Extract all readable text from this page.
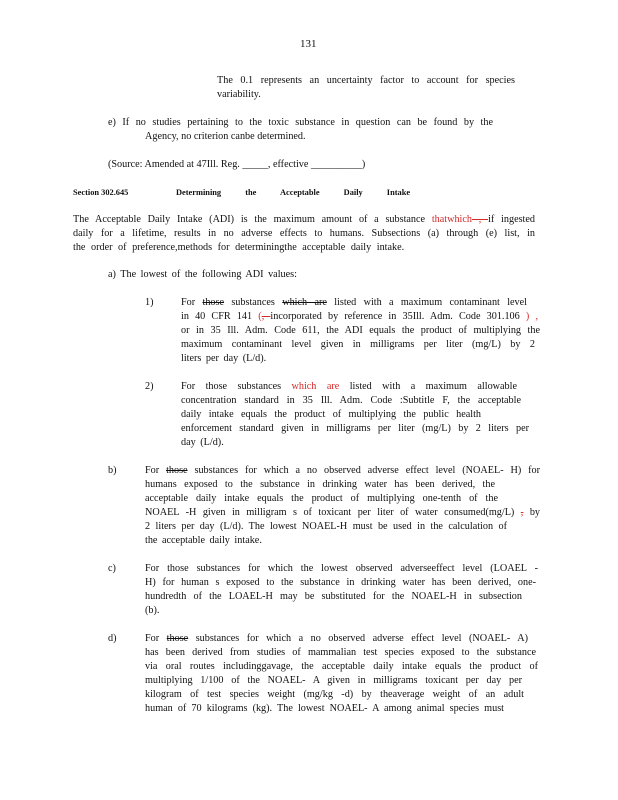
131
The 0.1 represents an uncertainty factor to account for species
variability.
e) If no studies pertaining to the toxic substance in question can be found by the
Agency, no criterion canbe determined.
(Source: Amended at 47Ill. Reg. _____, effective __________)
Section 302.645	Determining the Acceptable Daily Intake
The Acceptable Daily Intake (ADI) is the maximum amount of a substance thatwhich , if ingested
daily for a lifetime, results in no adverse effects to humans. Subsections (a) through (e) list, in
the order of preference,methods for determiningthe acceptable daily intake.
a) The lowest of the following ADI values:
1)	For those substances which are listed with a maximum contaminant level
in 40 CFR 141 (, incorporated by reference in 35Ill. Adm. Code 301.106 ) ,
or in 35 Ill. Adm. Code 611, the ADI equals the product of multiplying the
maximum contaminant level given in milligrams per liter (mg/L) by 2
liters per day (L/d).
2)	For those substances which are listed with a maximum allowable
concentration standard in 35 Ill. Adm. Code :Subtitle F, the acceptable
daily intake equals the product of multiplying the public health
enforcement standard given in milligrams per liter (mg/L) by 2 liters per
day (L/d).
b)	For those substances for which a no observed adverse effect level (NOAEL- H) for
humans exposed to the substance in drinking water has been derived, the
acceptable daily intake equals the product of multiplying one-tenth of the
NOAEL -H given in milligram s of toxicant per liter of water consumed(mg/L) , by
2 liters per day (L/d). The lowest NOAEL-H must be used in the calculation of
the acceptable daily intake.
c)	For those substances for which the lowest observed adverseeffect level (LOAEL -
H) for human s exposed to the substance in drinking water has been derived, one-
hundredth of the LOAEL-H may be substituted for the NOAEL-H in subsection
(b).
d)	For those substances for which a no observed adverse effect level (NOAEL- A)
has been derived from studies of mammalian test species exposed to the substance
via oral routes includinggavage, the acceptable daily intake equals the product of
multiplying 1/100 of the NOAEL- A given in milligrams toxicant per day per
kilogram of test species weight (mg/kg -d) by theaverage weight of an adult
human of 70 kilograms (kg). The lowest NOAEL- A among animal species must
